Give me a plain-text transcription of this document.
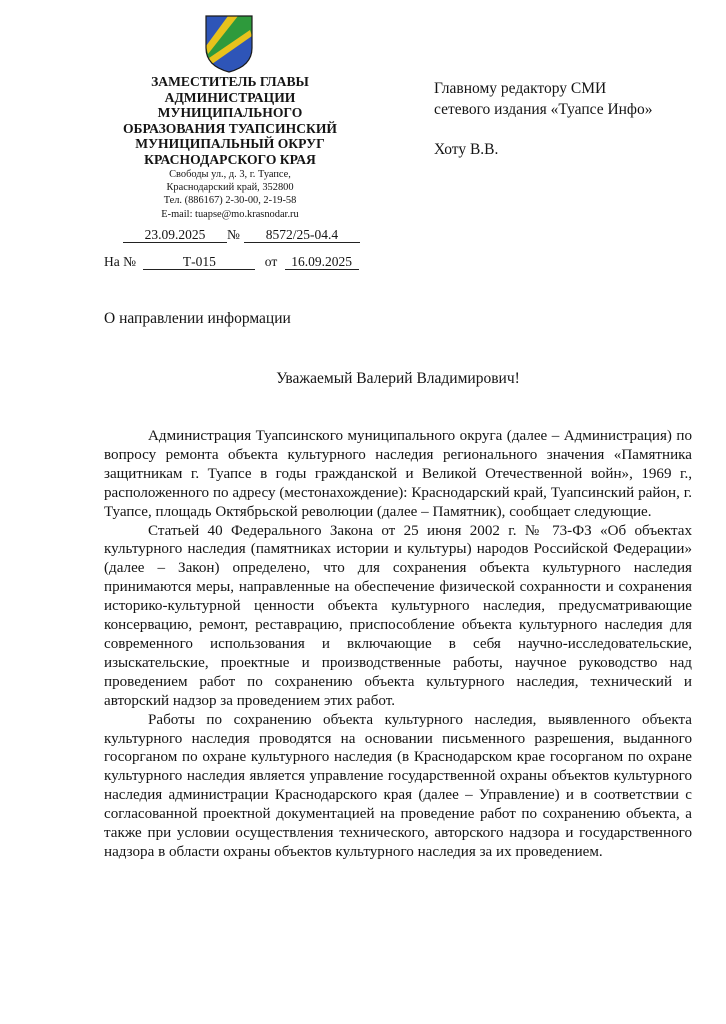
ЗАМЕСТИТЕЛЬ ГЛАВЫ
АДМИНИСТРАЦИИ
МУНИЦИПАЛЬНОГО
ОБРАЗОВАНИЯ ТУАПСИНСКИЙ
МУНИЦИПАЛЬНЫЙ ОКРУГ
КРАСНОДАРСКОГО КРАЯ
Свободы ул., д. 3, г. Туапсе,
Краснодарский край, 352800
Тел. (886167) 2-30-00, 2-19-58
E-mail: tuapse@mo.krasnodar.ru
23.09.2025 № 8572/25-04.4
На №	Т-015	от 16.09.2025
Главному редактору СМИ
сетевого издания «Туапсе Инфо»
Хоту В.В.
О направлении информации
Уважаемый Валерий Владимирович!

Администрация Туапсинского муниципального округа (далее – Администрация) по вопросу ремонта объекта культурного наследия регионального значения «Памятника защитникам г. Туапсе в годы гражданской и Великой Отечественной войн», 1969 г., расположенного по адресу (местонахождение): Краснодарский край, Туапсинский район, г. Туапсе, площадь Октябрьской революции (далее – Памятник), сообщает следующие.

Статьей 40 Федерального Закона от 25 июня 2002 г. № 73-ФЗ «Об объектах культурного наследия (памятниках истории и культуры) народов Российской Федерации» (далее – Закон) определено, что для сохранения объекта культурного наследия принимаются меры, направленные на обеспечение физической сохранности и сохранения историко-культурной ценности объекта культурного наследия, предусматривающие консервацию, ремонт, реставрацию, приспособление объекта культурного наследия для современного использования и включающие в себя научно-исследовательские, изыскательские, проектные и производственные работы, научное руководство над проведением работ по сохранению объекта культурного наследия, технический и авторский надзор за проведением этих работ.

Работы по сохранению объекта культурного наследия, выявленного объекта культурного наследия проводятся на основании письменного разрешения, выданного госорганом по охране культурного наследия (в Краснодарском крае госорганом по охране культурного наследия является управление государственной охраны объектов культурного наследия администрации Краснодарского края (далее – Управление) и в соответствии с согласованной проектной документацией на проведение работ по сохранению объекта, а также при условии осуществления технического, авторского надзора и государственного надзора в области охраны объектов культурного наследия за их проведением.
